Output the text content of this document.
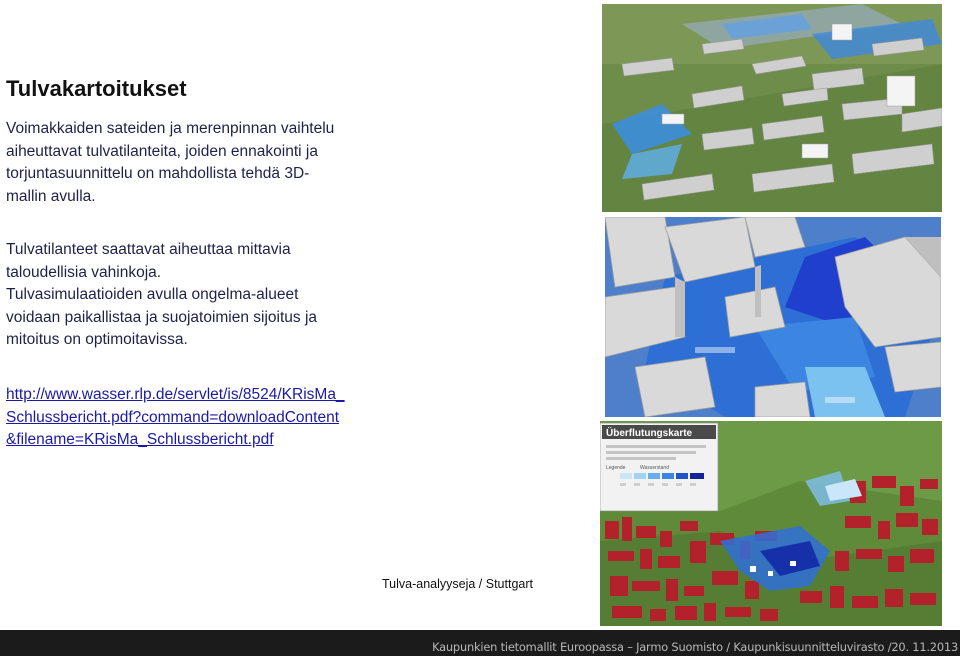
Tulvakartoitukset
Voimakkaiden sateiden ja merenpinnan vaihtelu aiheuttavat tulvatilanteita, joiden ennakointi ja torjuntasuunnittelu on mahdollista tehdä 3D-mallin avulla.
Tulvatilanteet saattavat aiheuttaa mittavia taloudellisia vahinkoja.
Tulvasimulaatioiden avulla ongelma-alueet voidaan paikallistaa ja suojatoimien sijoitus ja mitoitus on optimoitavissa.
http://www.wasser.rlp.de/servlet/is/8524/KRisMa_Schlussbericht.pdf?command=downloadContent&filename=KRisMa_Schlussbericht.pdf	Überflutungskarte
Legende	Wasserstand
Tulva-analyyseja / Stuttgart
Kaupunkien tietomallit Euroopassa – Jarmo Suomisto / Kaupunkisuunnitteluvirasto /20. 11.2013
